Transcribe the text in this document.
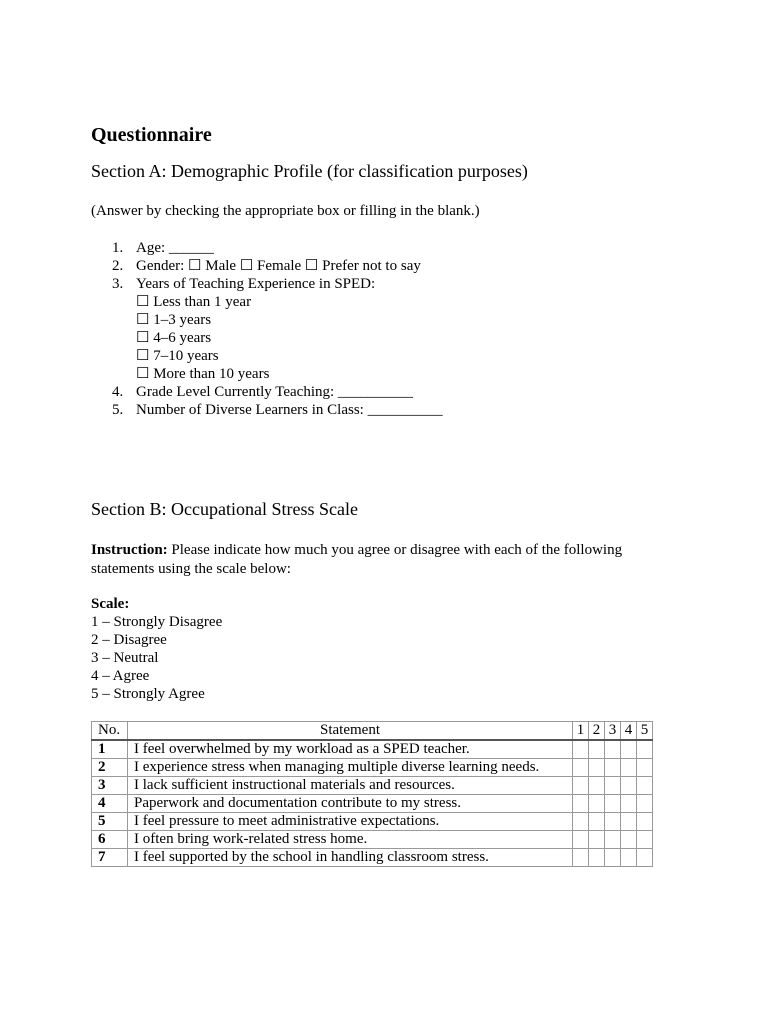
Questionnaire
Section A: Demographic Profile (for classification purposes)
(Answer by checking the appropriate box or filling in the blank.)
1. Age: ______
2. Gender: ☐ Male ☐ Female ☐ Prefer not to say
3. Years of Teaching Experience in SPED:
☐ Less than 1 year
☐ 1–3 years
☐ 4–6 years
☐ 7–10 years
☐ More than 10 years
4. Grade Level Currently Teaching: __________
5. Number of Diverse Learners in Class: __________
Section B: Occupational Stress Scale
Instruction: Please indicate how much you agree or disagree with each of the following statements using the scale below:
Scale:
1 – Strongly Disagree
2 – Disagree
3 – Neutral
4 – Agree
5 – Strongly Agree
No.	Statement	1	2	3	4	5
1	I feel overwhelmed by my workload as a SPED teacher.					
2	I experience stress when managing multiple diverse learning needs.					
3	I lack sufficient instructional materials and resources.					
4	Paperwork and documentation contribute to my stress.					
5	I feel pressure to meet administrative expectations.					
6	I often bring work-related stress home.					
7	I feel supported by the school in handling classroom stress.					
